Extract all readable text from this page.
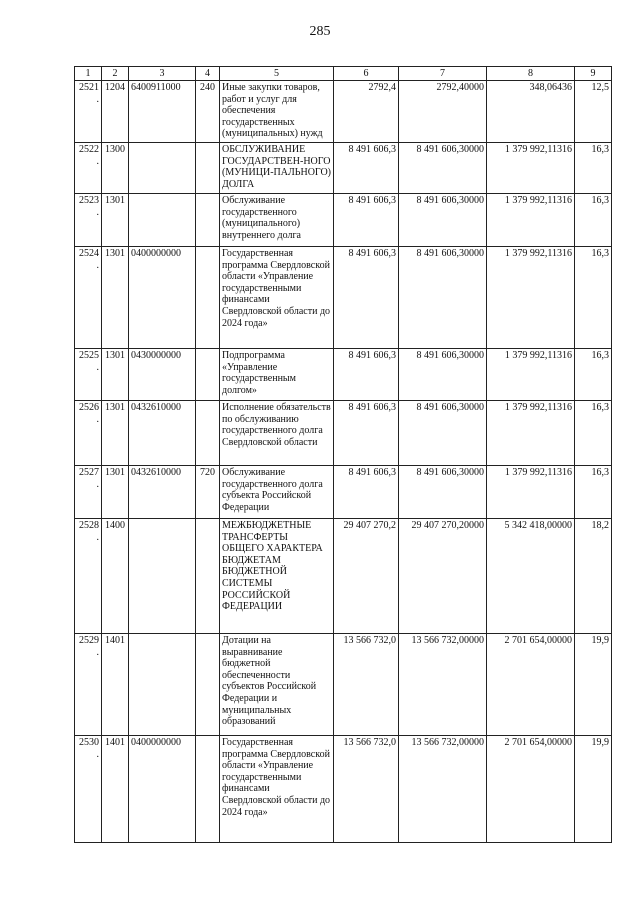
285
1	2	3	4	5	6	7	8	9
2521.	1204	6400911000	240	Иные закупки товаров, работ и услуг для обеспечения государственных (муниципальных) нужд	2792,4	2792,40000	348,06436	12,5
2522.	1300			ОБСЛУЖИВАНИЕ ГОСУДАРСТВЕН-НОГО (МУНИЦИ-ПАЛЬНОГО) ДОЛГА	8 491 606,3	8 491 606,30000	1 379 992,11316	16,3
2523.	1301			Обслуживание государственного (муниципального) внутреннего долга	8 491 606,3	8 491 606,30000	1 379 992,11316	16,3
2524.	1301	0400000000		Государственная программа Свердловской области «Управление государственными финансами Свердловской области до 2024 года»	8 491 606,3	8 491 606,30000	1 379 992,11316	16,3
2525.	1301	0430000000		Подпрограмма «Управление государственным долгом»	8 491 606,3	8 491 606,30000	1 379 992,11316	16,3
2526.	1301	0432610000		Исполнение обязательств по обслуживанию государственного долга Свердловской области	8 491 606,3	8 491 606,30000	1 379 992,11316	16,3
2527.	1301	0432610000	720	Обслуживание государственного долга субъекта Российской Федерации	8 491 606,3	8 491 606,30000	1 379 992,11316	16,3
2528.	1400			МЕЖБЮДЖЕТНЫЕ ТРАНСФЕРТЫ ОБЩЕГО ХАРАКТЕРА БЮДЖЕТАМ БЮДЖЕТНОЙ СИСТЕМЫ РОССИЙСКОЙ ФЕДЕРАЦИИ	29 407 270,2	29 407 270,20000	5 342 418,00000	18,2
2529.	1401			Дотации на выравнивание бюджетной обеспеченности субъектов Российской Федерации и муниципальных образований	13 566 732,0	13 566 732,00000	2 701 654,00000	19,9
2530.	1401	0400000000		Государственная программа Свердловской области «Управление государственными финансами Свердловской области до 2024 года»	13 566 732,0	13 566 732,00000	2 701 654,00000	19,9
